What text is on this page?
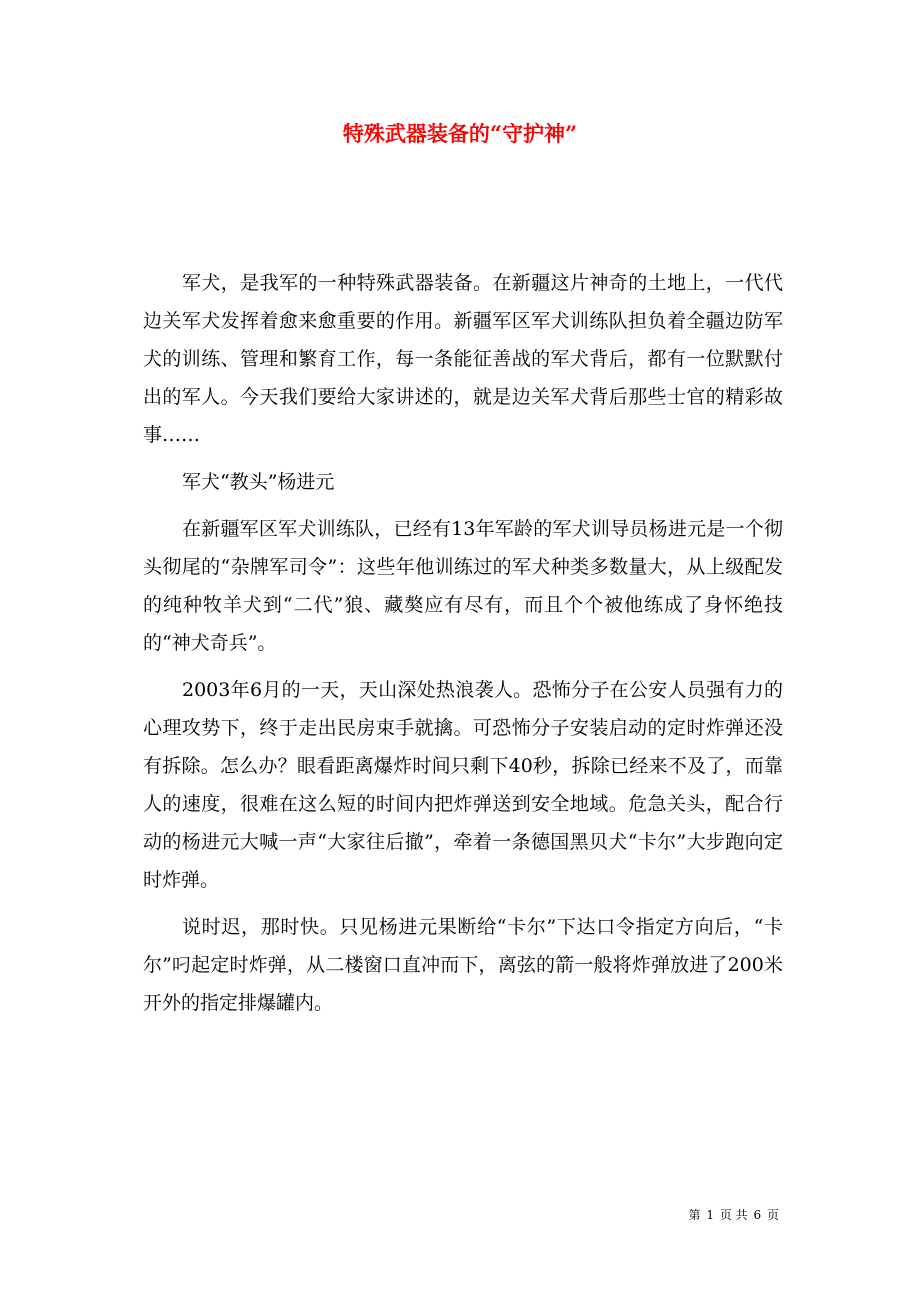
特殊武器装备的“守护神”

军犬，是我军的一种特殊武器装备。在新疆这片神奇的土地上，一代代边关军犬发挥着愈来愈重要的作用。新疆军区军犬训练队担负着全疆边防军犬的训练、管理和繁育工作，每一条能征善战的军犬背后，都有一位默默付出的军人。今天我们要给大家讲述的，就是边关军犬背后那些士官的精彩故事……

军犬“教头”杨进元

在新疆军区军犬训练队，已经有13年军龄的军犬训导员杨进元是一个彻头彻尾的“杂牌军司令”：这些年他训练过的军犬种类多数量大，从上级配发的纯种牧羊犬到“二代”狼、藏獒应有尽有，而且个个被他练成了身怀绝技的“神犬奇兵”。

2003年6月的一天，天山深处热浪袭人。恐怖分子在公安人员强有力的心理攻势下，终于走出民房束手就擒。可恐怖分子安装启动的定时炸弹还没有拆除。怎么办？眼看距离爆炸时间只剩下40秒，拆除已经来不及了，而靠人的速度，很难在这么短的时间内把炸弹送到安全地域。危急关头，配合行动的杨进元大喊一声“大家往后撤”，牵着一条德国黑贝犬“卡尔”大步跑向定时炸弹。

说时迟，那时快。只见杨进元果断给“卡尔”下达口令指定方向后，“卡尔”叼起定时炸弹，从二楼窗口直冲而下，离弦的箭一般将炸弹放进了200米开外的指定排爆罐内。

第 1 页 共 6 页
